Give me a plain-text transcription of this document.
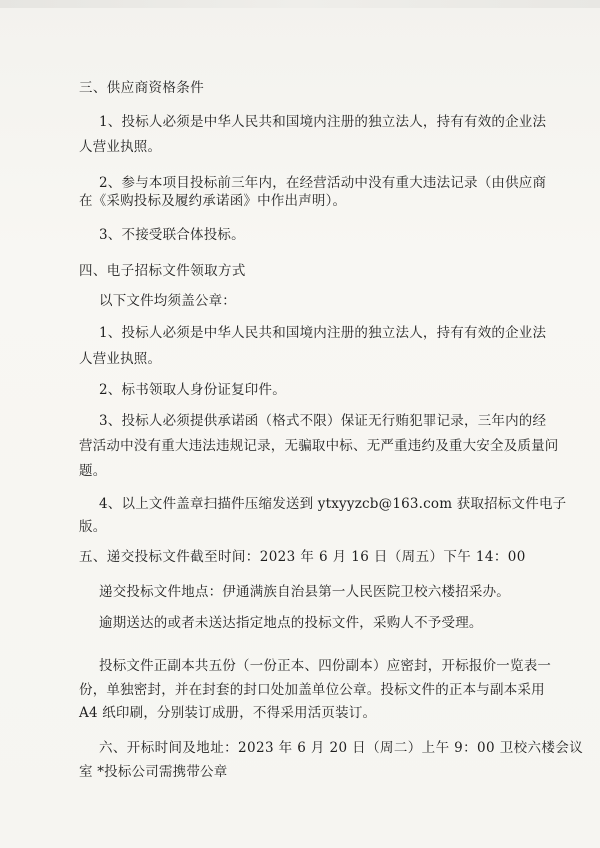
三、供应商资格条件
1、投标人必须是中华人民共和国境内注册的独立法人，持有有效的企业法
人营业执照。
2、参与本项目投标前三年内，在经营活动中没有重大违法记录（由供应商
在《采购投标及履约承诺函》中作出声明）。
3、不接受联合体投标。
四、电子招标文件领取方式
以下文件均须盖公章：
1、投标人必须是中华人民共和国境内注册的独立法人，持有有效的企业法
人营业执照。
2、标书领取人身份证复印件。
3、投标人必须提供承诺函（格式不限）保证无行贿犯罪记录，三年内的经
营活动中没有重大违法违规记录，无骗取中标、无严重违约及重大安全及质量问
题。
4、以上文件盖章扫描件压缩发送到 ytxyyzcb@163.com 获取招标文件电子
版。
五、递交投标文件截至时间：2023 年 6 月 16 日（周五）下午 14：00
递交投标文件地点：伊通满族自治县第一人民医院卫校六楼招采办。
逾期送达的或者未送达指定地点的投标文件，采购人不予受理。
投标文件正副本共五份（一份正本、四份副本）应密封，开标报价一览表一
份，单独密封，并在封套的封口处加盖单位公章。投标文件的正本与副本采用
A4 纸印刷，分别装订成册，不得采用活页装订。
六、开标时间及地址：2023 年 6 月 20 日（周二）上午 9：00 卫校六楼会议
室 *投标公司需携带公章
